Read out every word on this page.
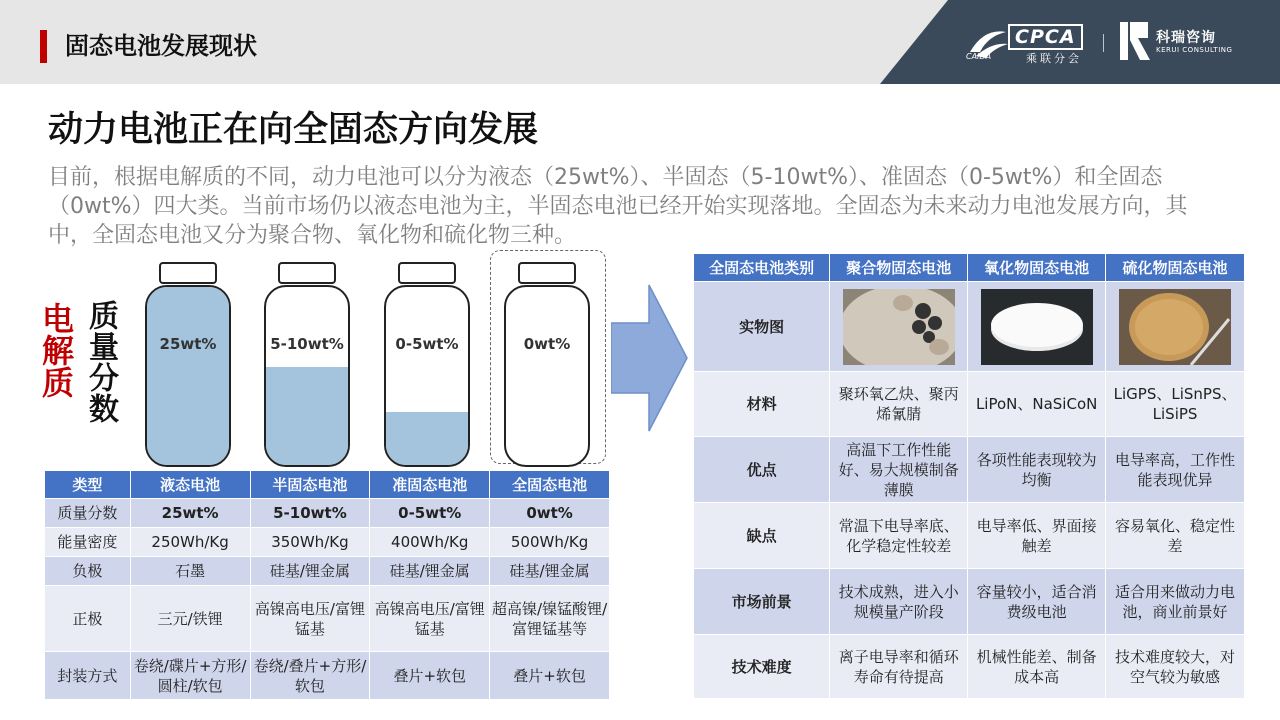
固态电池发展现状	CPCA
乘联分会
CAIDA
科瑞咨询
KERUI CONSULTING
动力电池正在向全固态方向发展
目前，根据电解质的不同，动力电池可以分为液态（25wt%）、半固态（5-10wt%）、准固态（0-5wt%）和全固态（0wt%）四大类。当前市场仍以液态电池为主，半固态电池已经开始实现落地。全固态为未来动力电池发展方向，其中，全固态电池又分为聚合物、氧化物和硫化物三种。
电解质 质量分数	25wt%	5-10wt%	0-5wt%	0wt%
类型	液态电池	半固态电池	准固态电池	全固态电池
质量分数	25wt%	5-10wt%	0-5wt%	0wt%
能量密度	250Wh/Kg	350Wh/Kg	400Wh/Kg	500Wh/Kg
负极	石墨	硅基/锂金属	硅基/锂金属	硅基/锂金属
正极	三元/铁锂	高镍高电压/富锂锰基	高镍高电压/富锂锰基	超高镍/镍锰酸锂/富锂锰基等
封装方式	卷绕/碟片+方形/圆柱/软包	卷绕/叠片+方形/软包	叠片+软包	叠片+软包
全固态电池类别	聚合物固态电池	氧化物固态电池	硫化物固态电池
实物图	

材料	聚环氧乙炔、聚丙烯氰腈	LiPoN、NaSiCoN	LiGPS、LiSnPS、LiSiPS
优点	高温下工作性能好、易大规模制备薄膜	各项性能表现较为均衡	电导率高，工作性能表现优异
缺点	常温下电导率底、化学稳定性较差	电导率低、界面接触差	容易氧化、稳定性差
市场前景	技术成熟，进入小规模量产阶段	容量较小，适合消费级电池	适合用来做动力电池，商业前景好
技术难度	离子电导率和循环寿命有待提高	机械性能差、制备成本高	技术难度较大，对空气较为敏感
